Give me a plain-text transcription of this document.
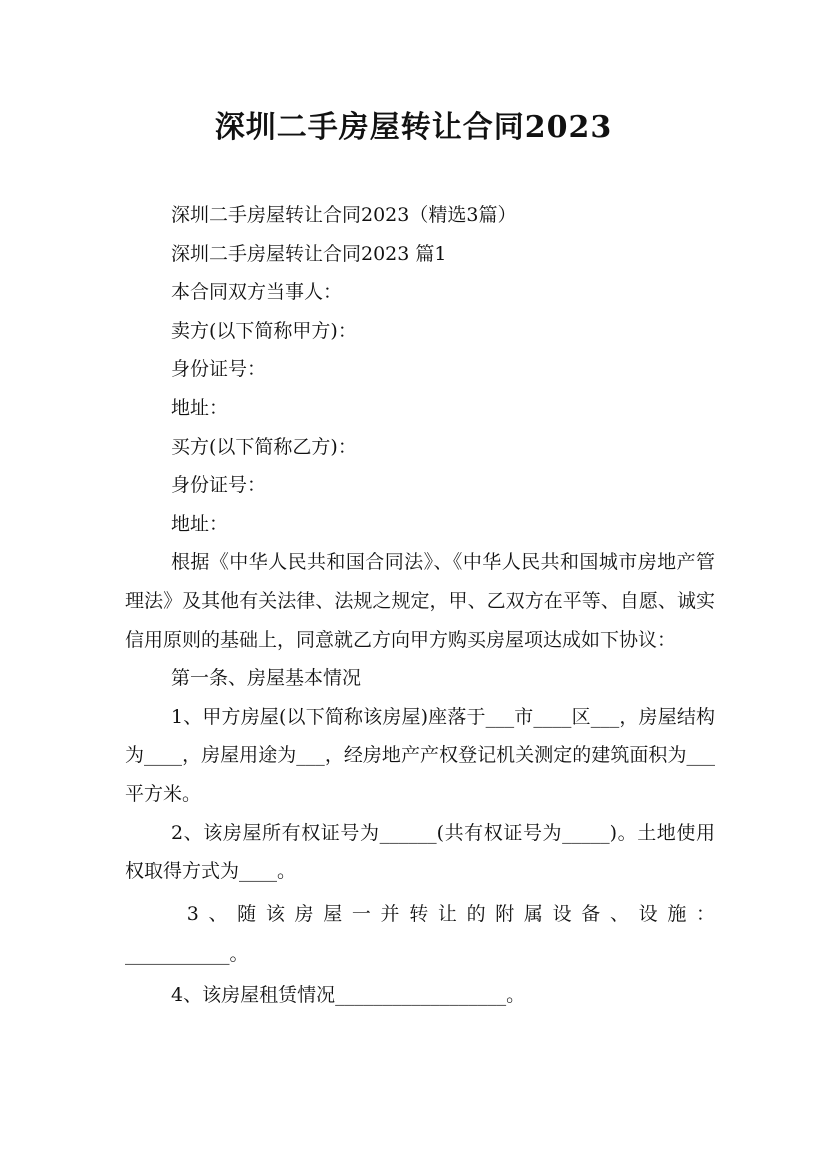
深圳二手房屋转让合同2023

深圳二手房屋转让合同2023（精选3篇）

深圳二手房屋转让合同2023 篇1

本合同双方当事人：

卖方(以下简称甲方)：

身份证号：

地址：

买方(以下简称乙方)：

身份证号：

地址：

根据《中华人民共和国合同法》、《中华人民共和国城市房地产管理法》及其他有关法律、法规之规定，甲、乙双方在平等、自愿、诚实信用原则的基础上，同意就乙方向甲方购买房屋项达成如下协议：

第一条、房屋基本情况

1、甲方房屋(以下简称该房屋)座落于___市____区___，房屋结构为____，房屋用途为___，经房地产产权登记机关测定的建筑面积为___平方米。

2、该房屋所有权证号为______(共有权证号为_____)。土地使用权取得方式为____。

3、随该房屋一并转让的附属设备、设施：

___________。

4、该房屋租赁情况__________________。
